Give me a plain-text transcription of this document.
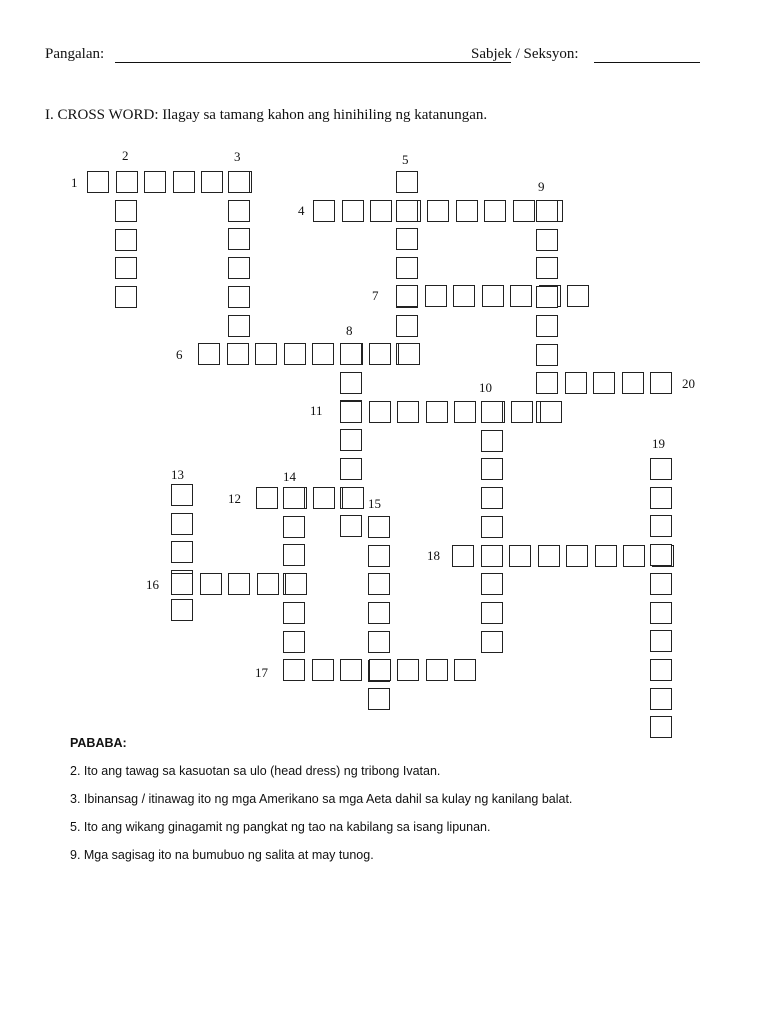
Pangalan:	Sabjek / Seksyon:
I. CROSS WORD: Ilagay sa tamang kahon ang hinihiling ng katanungan.
1
2	3
4
5
6
7
8
9
10
11
12
13	14
15
16
17
18
19
20
PABABA:
2. Ito ang tawag sa kasuotan sa ulo (head dress) ng tribong Ivatan.
3. Ibinansag / itinawag ito ng mga Amerikano sa mga Aeta dahil sa kulay ng kanilang balat.
5. Ito ang wikang ginagamit ng pangkat ng tao na kabilang sa isang lipunan.
9. Mga sagisag ito na bumubuo ng salita at may tunog.
